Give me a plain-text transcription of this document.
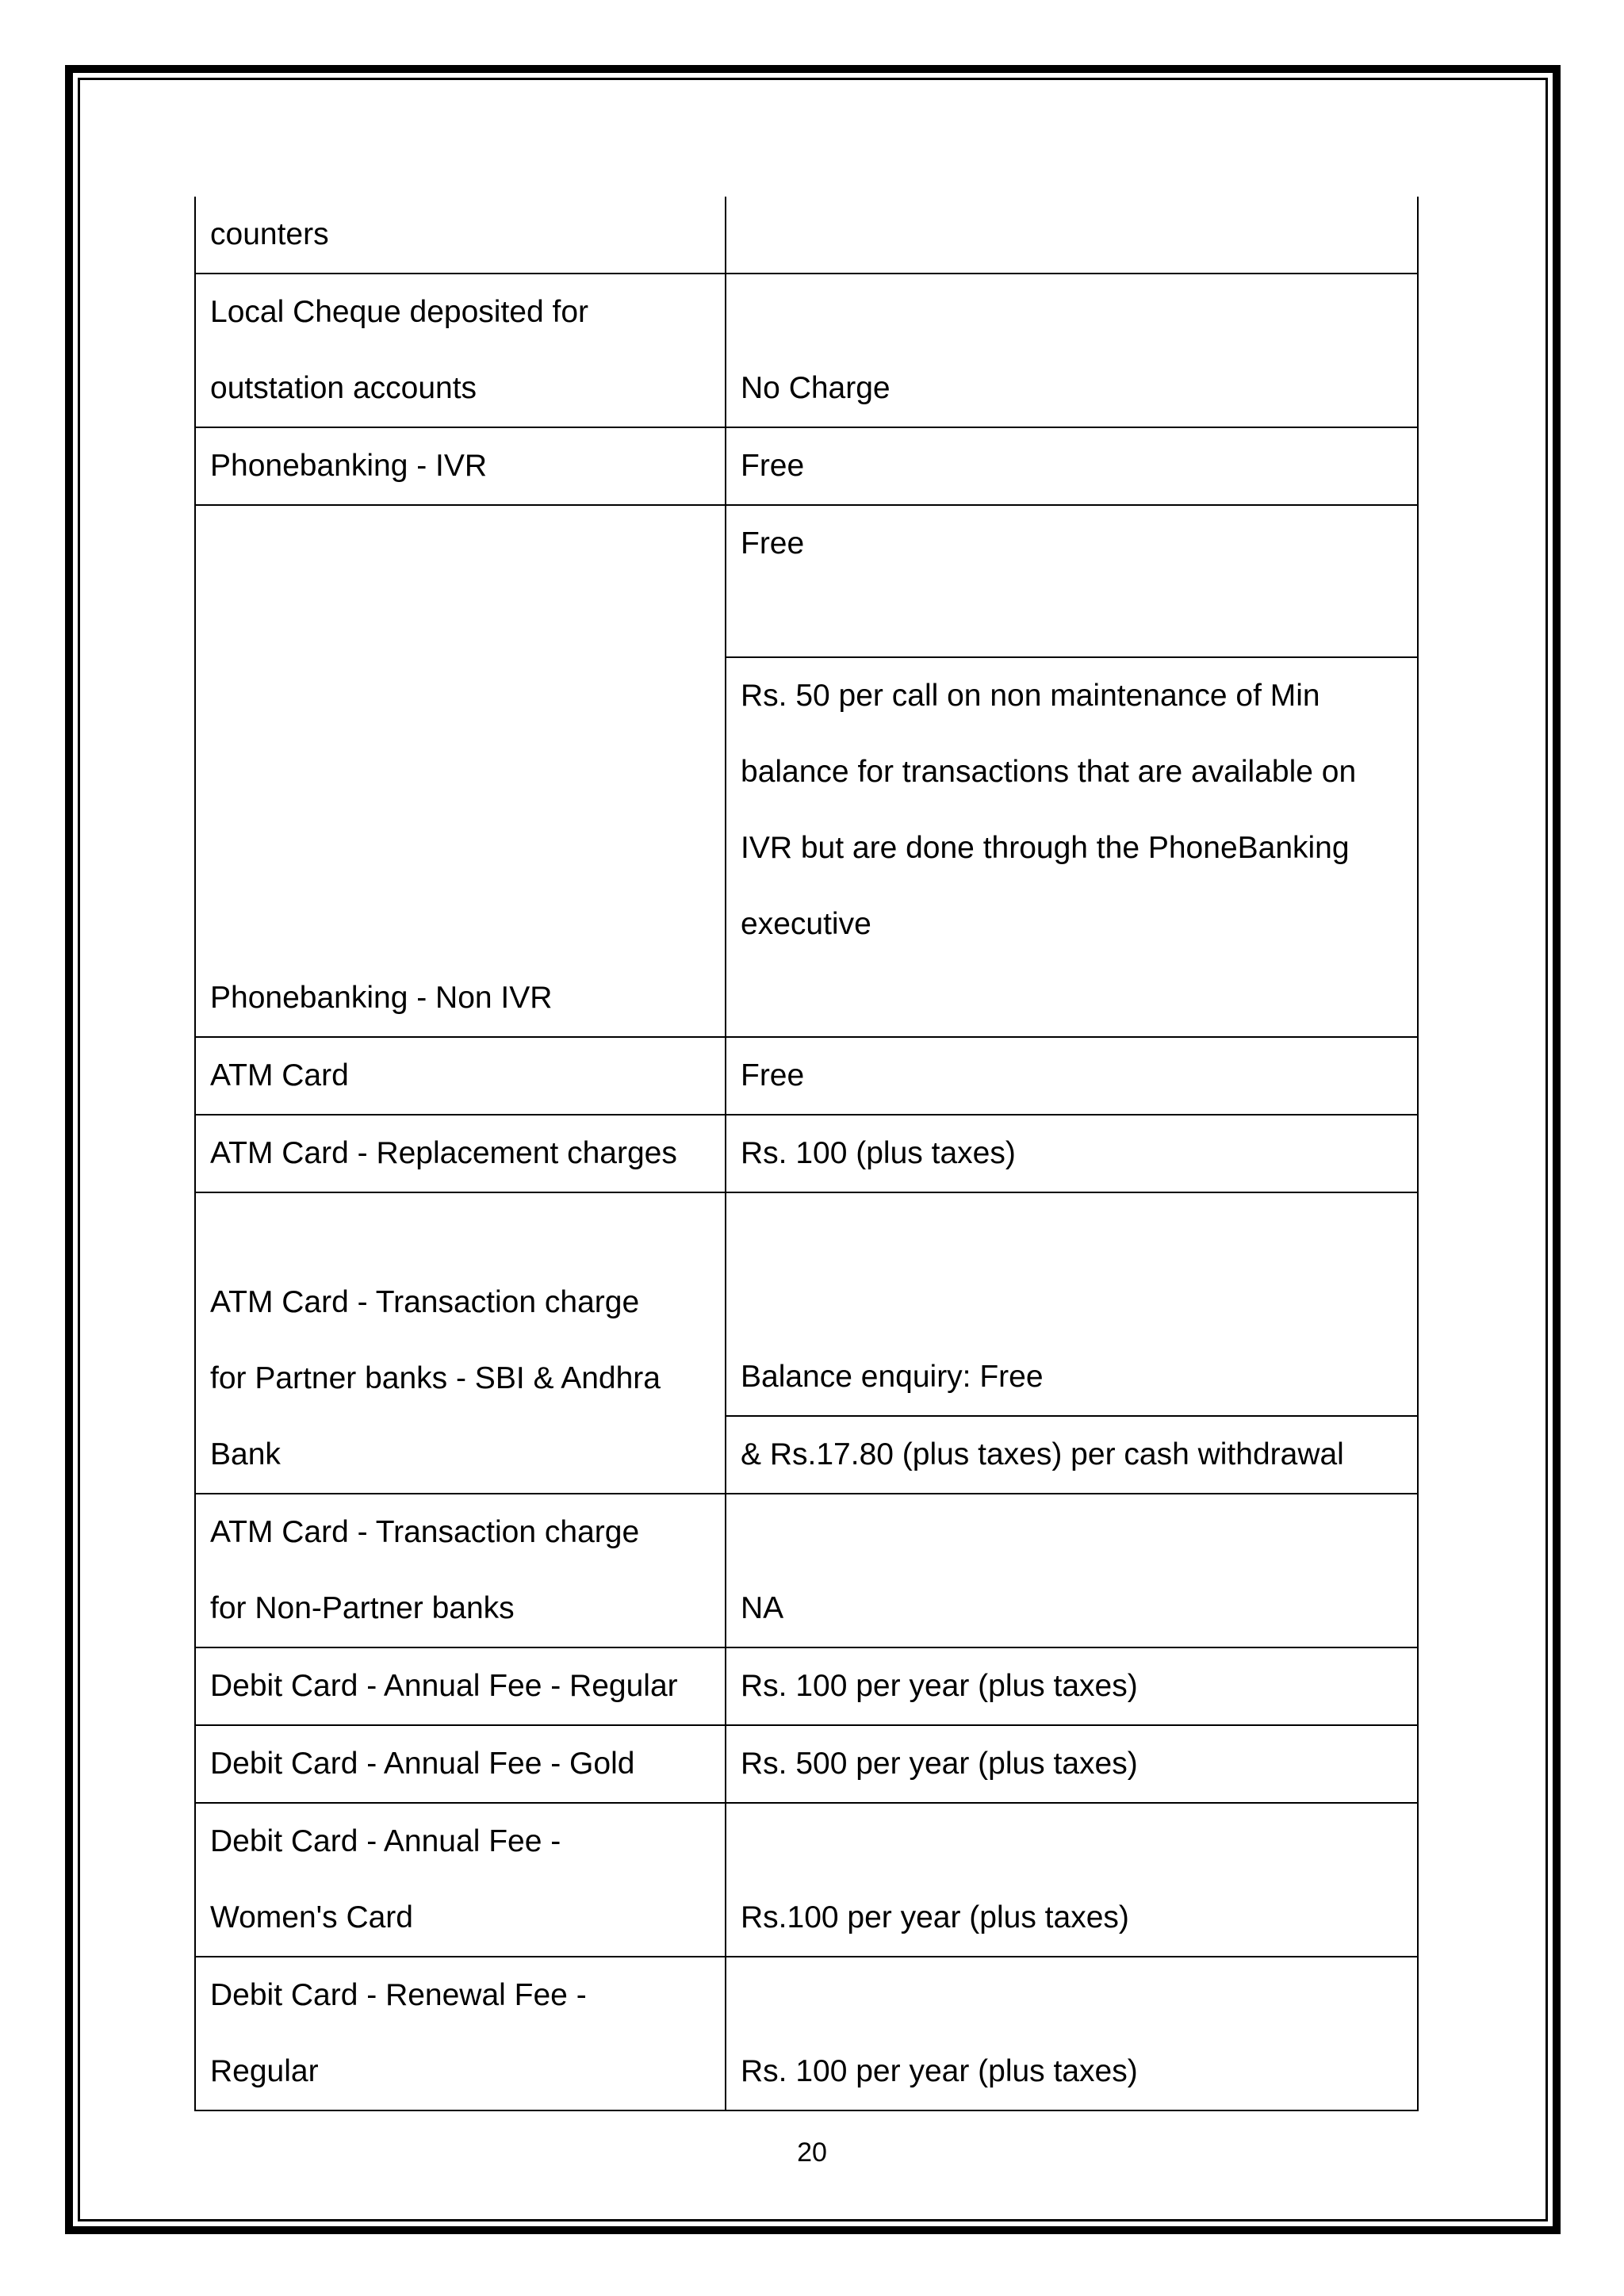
counters	

Local Cheque deposited for
outstation accounts	No Charge
Phonebanking - IVR	Free
Phonebanking - Non IVR	Free

	Rs. 50 per call on non maintenance of Min
balance for transactions that are available on
IVR but are done through the PhoneBanking
executive

ATM Card	Free
ATM Card - Replacement charges	Rs. 100 (plus taxes)

ATM Card - Transaction charge
for Partner banks - SBI & Andhra
Bank	Balance enquiry: Free
	& Rs.17.80 (plus taxes) per cash withdrawal

ATM Card - Transaction charge
for Non-Partner banks	NA
Debit Card - Annual Fee - Regular	Rs. 100 per year (plus taxes)
Debit Card - Annual Fee - Gold	Rs. 500 per year (plus taxes)

Debit Card - Annual Fee -
Women's Card	Rs.100 per year (plus taxes)

Debit Card - Renewal Fee -
Regular	Rs. 100 per year (plus taxes)
20
